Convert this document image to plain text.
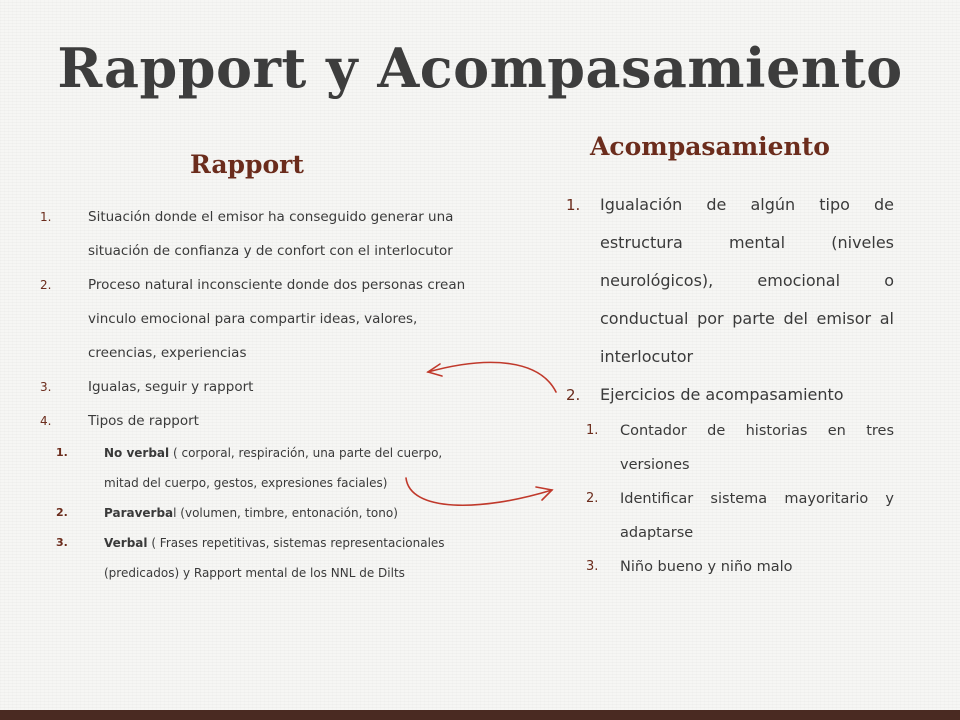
Rapport y Acompasamiento
Rapport
Acompasamiento
1.	Situación donde el emisor ha conseguido generar una situación de confianza y de confort con el interlocutor
2.	Proceso natural inconsciente donde dos personas crean vinculo emocional para compartir ideas, valores, creencias, experiencias
3.	Igualas, seguir y rapport
4.	Tipos de rapport
1.	No verbal ( corporal, respiración, una parte del cuerpo, mitad del cuerpo, gestos, expresiones faciales)
2.	Paraverbal (volumen, timbre, entonación, tono)
3.	Verbal ( Frases repetitivas, sistemas representacionales (predicados) y Rapport mental de los NNL de Dilts
1. Igualación de algún tipo de estructura mental (niveles neurológicos), emocional o conductual por parte del emisor al interlocutor
2. Ejercicios de acompasamiento
1. Contador de historias en tres versiones
2. Identificar sistema mayoritario y adaptarse
3. Niño bueno y niño malo
